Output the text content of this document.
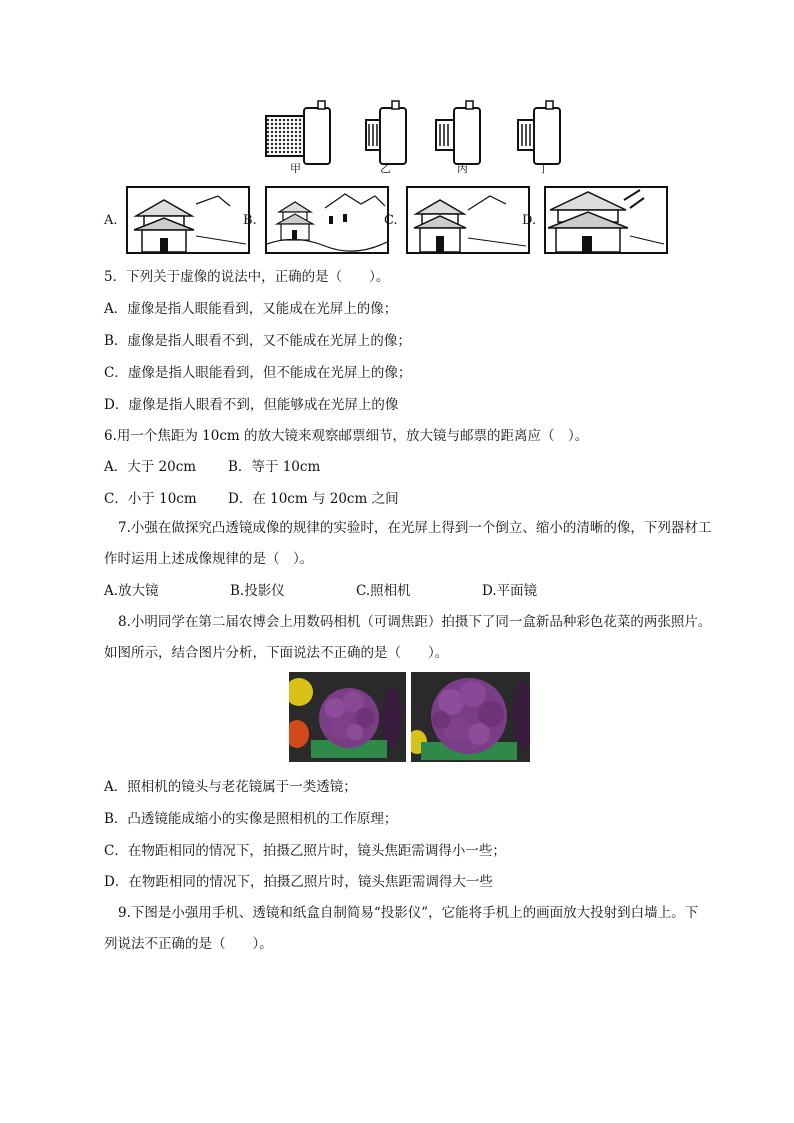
甲	乙	丙	丁
A.	B.	C.	D.
5．下列关于虚像的说法中，正确的是（　　）。
A．虚像是指人眼能看到，又能成在光屏上的像；
B．虚像是指人眼看不到，又不能成在光屏上的像；
C．虚像是指人眼能看到，但不能成在光屏上的像；
D．虚像是指人眼看不到，但能够成在光屏上的像
6.用一个焦距为 10cm 的放大镜来观察邮票细节，放大镜与邮票的距离应（　）。
A．大于 20cm B．等于 10cm
C．小于 10cm D．在 10cm 与 20cm 之间
7.小强在做探究凸透镜成像的规律的实验时，在光屏上得到一个倒立、缩小的清晰的像，下列器材工
作时运用上述成像规律的是（　）。
A.放大镜	B.投影仪	C.照相机	D.平面镜
8.小明同学在第二届农博会上用数码相机（可调焦距）拍摄下了同一盒新品种彩色花菜的两张照片。
如图所示，结合图片分析，下面说法不正确的是（　　）。
A．照相机的镜头与老花镜属于一类透镜；
B．凸透镜能成缩小的实像是照相机的工作原理；
C．在物距相同的情况下，拍摄乙照片时，镜头焦距需调得小一些；
D．在物距相同的情况下，拍摄乙照片时，镜头焦距需调得大一些
9.下图是小强用手机、透镜和纸盒自制简易“投影仪”，它能将手机上的画面放大投射到白墙上。下
列说法不正确的是（　　）。
